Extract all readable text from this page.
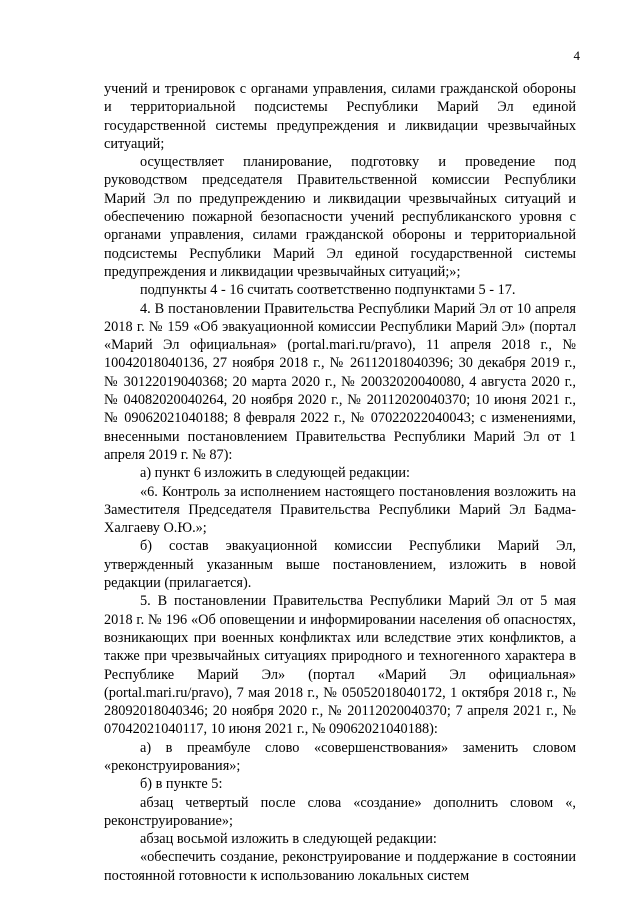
4

учений и тренировок с органами управления, силами гражданской обороны и территориальной подсистемы Республики Марий Эл единой государственной системы предупреждения и ликвидации чрезвычайных ситуаций;

осуществляет планирование, подготовку и проведение под руководством председателя Правительственной комиссии Республики Марий Эл по предупреждению и ликвидации чрезвычайных ситуаций и обеспечению пожарной безопасности учений республиканского уровня с органами управления, силами гражданской обороны и территориальной подсистемы Республики Марий Эл единой государственной системы предупреждения и ликвидации чрезвычайных ситуаций;»;

подпункты 4 - 16 считать соответственно подпунктами 5 - 17.

4. В постановлении Правительства Республики Марий Эл от 10 апреля 2018 г. № 159 «Об эвакуационной комиссии Республики Марий Эл» (портал «Марий Эл официальная» (portal.mari.ru/pravo), 11 апреля 2018 г., № 10042018040136, 27 ноября 2018 г., № 26112018040396; 30 декабря 2019 г., № 30122019040368; 20 марта 2020 г., № 20032020040080, 4 августа 2020 г., № 04082020040264, 20 ноября 2020 г., № 20112020040370; 10 июня 2021 г., № 09062021040188; 8 февраля 2022 г., № 07022022040043; с изменениями, внесенными постановлением Правительства Республики Марий Эл от 1 апреля 2019 г. № 87):

а) пункт 6 изложить в следующей редакции:

«6. Контроль за исполнением настоящего постановления возложить на Заместителя Председателя Правительства Республики Марий Эл Бадма-Халгаеву О.Ю.»;

б) состав эвакуационной комиссии Республики Марий Эл, утвержденный указанным выше постановлением, изложить в новой редакции (прилагается).

5. В постановлении Правительства Республики Марий Эл от 5 мая 2018 г. № 196 «Об оповещении и информировании населения об опасностях, возникающих при военных конфликтах или вследствие этих конфликтов, а также при чрезвычайных ситуациях природного и техногенного характера в Республике Марий Эл» (портал «Марий Эл официальная» (portal.mari.ru/pravo), 7 мая 2018 г., № 05052018040172, 1 октября 2018 г., № 28092018040346; 20 ноября 2020 г., № 20112020040370; 7 апреля 2021 г., № 07042021040117, 10 июня 2021 г., № 09062021040188):

а) в преамбуле слово «совершенствования» заменить словом «реконструирования»;

б) в пункте 5:

абзац четвертый после слова «создание» дополнить словом «, реконструирование»;

абзац восьмой изложить в следующей редакции:

«обеспечить создание, реконструирование и поддержание в состоянии постоянной готовности к использованию локальных систем
